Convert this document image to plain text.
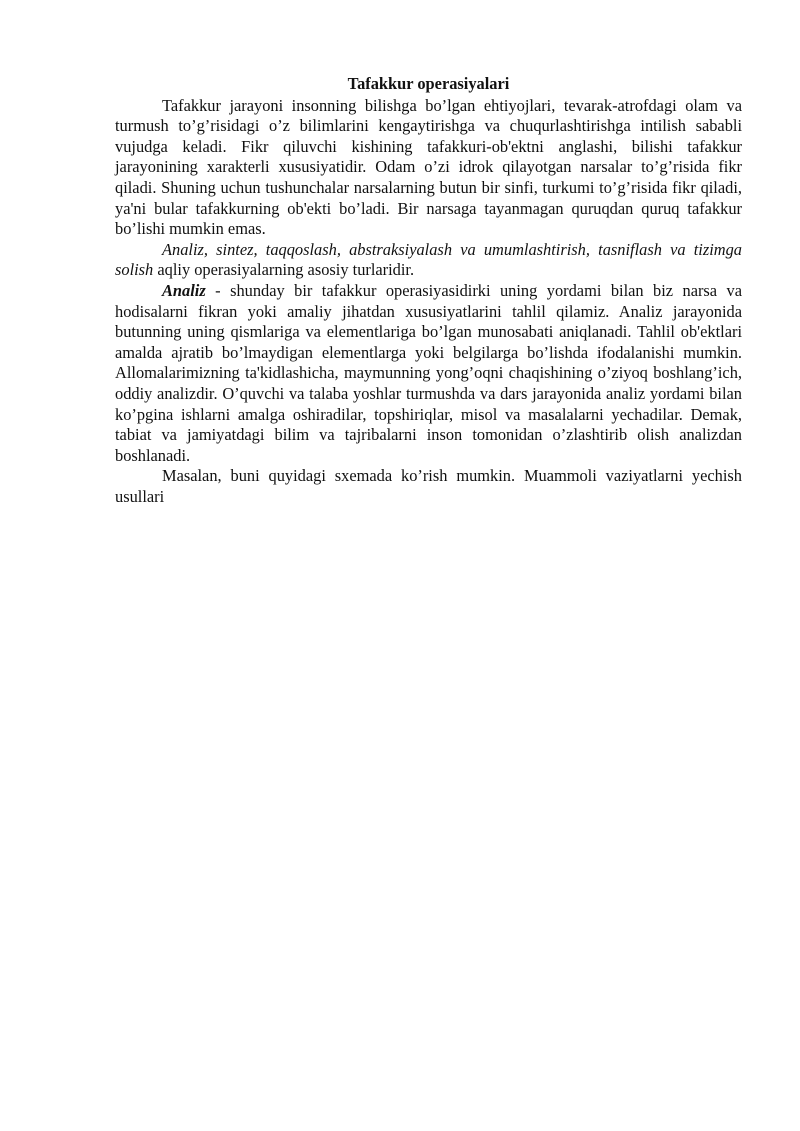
Tafakkur operasiyalari

Tafakkur jarayoni insonning bilishga bo’lgan ehtiyojlari, tevarak-atrofdagi olam va turmush to’g’risidagi o’z bilimlarini kengaytirishga va chuqurlashtirishga intilish sababli vujudga keladi. Fikr qiluvchi kishining tafakkuri-ob'ektni anglashi, bilishi tafakkur jarayonining xarakterli xususiyatidir. Odam o’zi idrok qilayotgan narsalar to’g’risida fikr qiladi. Shuning uchun tushunchalar narsalarning butun bir sinfi, turkumi to’g’risida fikr qiladi, ya'ni bular tafakkurning ob'ekti bo’ladi. Bir narsaga tayanmagan quruqdan quruq tafakkur bo’lishi mumkin emas.

Analiz, sintez, taqqoslash, abstraksiyalash va umumlashtirish, tasniflash va tizimga solish aqliy operasiyalarning asosiy turlaridir.

Analiz - shunday bir tafakkur operasiyasidirki uning yordami bilan biz narsa va hodisalarni fikran yoki amaliy jihatdan xususiyatlarini tahlil qilamiz. Analiz jarayonida butunning uning qismlariga va elementlariga bo’lgan munosabati aniqlanadi. Tahlil ob'ektlari amalda ajratib bo’lmaydigan elementlarga yoki belgilarga bo’lishda ifodalanishi mumkin. Allomalarimizning ta'kidlashicha, maymunning yong’oqni chaqishining o’ziyoq boshlang’ich, oddiy analizdir. O’quvchi va talaba yoshlar turmushda va dars jarayonida analiz yordami bilan ko’pgina ishlarni amalga oshiradilar, topshiriqlar, misol va masalalarni yechadilar. Demak, tabiat va jamiyatdagi bilim va tajribalarni inson tomonidan o’zlashtirib olish analizdan boshlanadi.

Masalan, buni quyidagi sxemada ko’rish mumkin. Muammoli vaziyatlarni yechish usullari
